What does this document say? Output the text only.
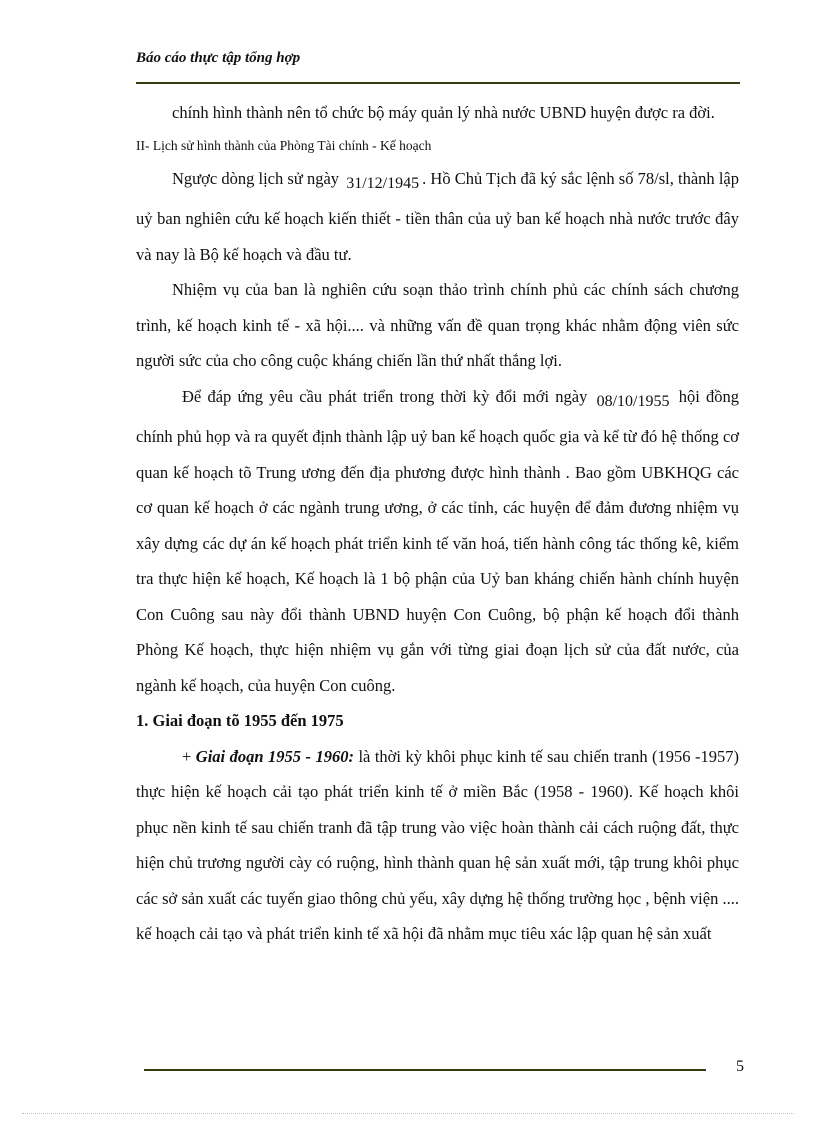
Báo cáo thực tập tổng hợp

chính hình thành nên tổ chức bộ máy quản lý nhà nước UBND huyện được ra đời.

II- Lịch sử hình thành của Phòng Tài chính - Kế hoạch

Ngược dòng lịch sử ngày 31/12/1945 . Hồ Chủ Tịch đã ký sắc lệnh số 78/sl, thành lập uỷ ban nghiên cứu kế hoạch kiến thiết - tiền thân của uỷ ban kế hoạch nhà nước trước đây và nay là Bộ kế hoạch và đầu tư.

Nhiệm vụ của ban là nghiên cứu soạn thảo trình chính phủ các chính sách chương trình, kế hoạch kinh tế - xã hội.... và những vấn đề quan trọng khác nhằm động viên sức người sức của cho công cuộc kháng chiến lần thứ nhất thắng lợi.

Để đáp ứng yêu cầu phát triển trong thời kỳ đổi mới ngày 08/10/1955 hội đồng chính phủ họp và ra quyết định thành lập uỷ ban kế hoạch quốc gia và kể từ đó hệ thống cơ quan kế hoạch tõ Trung ương đến địa phương được hình thành . Bao gồm UBKHQG các cơ quan kế hoạch ở các ngành trung ương, ở các tỉnh, các huyện để đảm đương nhiệm vụ xây dựng các dự án kế hoạch phát triển kinh tế văn hoá, tiến hành công tác thống kê, kiểm tra thực hiện kế hoạch, Kế hoạch là 1 bộ phận của Uỷ ban kháng chiến hành chính huyện Con Cuông sau này đổi thành UBND huyện Con Cuông, bộ phận kế hoạch đổi thành Phòng Kế hoạch, thực hiện nhiệm vụ gắn với từng giai đoạn lịch sử của đất nước, của ngành kế hoạch, của huyện Con cuông.

1. Giai đoạn tõ 1955 đến 1975

+ Giai đoạn 1955 - 1960: là thời kỳ khôi phục kinh tế sau chiến tranh (1956 -1957) thực hiện kế hoạch cải tạo phát triển kinh tế ở miền Bắc (1958 - 1960). Kế hoạch khôi phục nền kinh tế sau chiến tranh đã tập trung vào việc hoàn thành cải cách ruộng đất, thực hiện chủ trương người cày có ruộng, hình thành quan hệ sản xuất mới, tập trung khôi phục các sở sản xuất các tuyến giao thông chủ yếu, xây dựng hệ thống trường học , bệnh viện .... kế hoạch cải tạo và phát triển kinh tế xã hội đã nhằm mục tiêu xác lập quan hệ sản xuất

5
